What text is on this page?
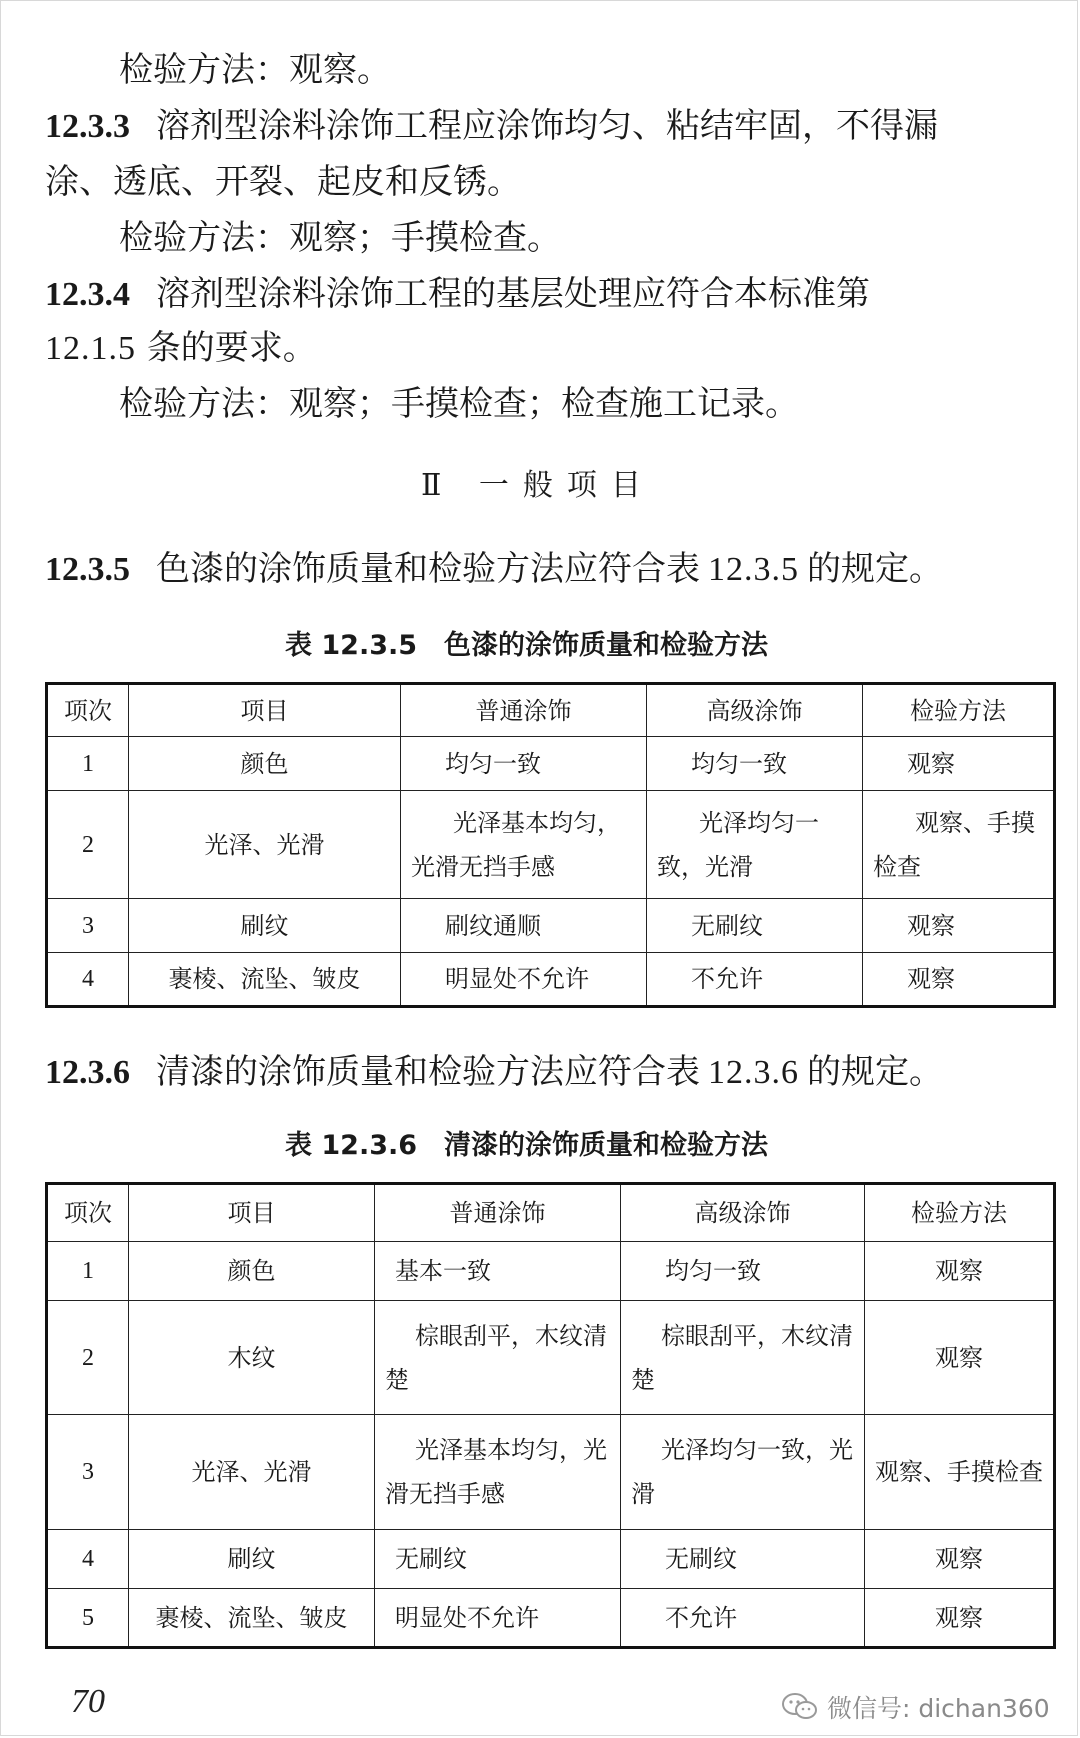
检验方法：观察。
12.3.3 溶剂型涂料涂饰工程应涂饰均匀、粘结牢固，不得漏
涂、透底、开裂、起皮和反锈。
检验方法：观察；手摸检查。
12.3.4 溶剂型涂料涂饰工程的基层处理应符合本标准第
12.1.5 条的要求。
检验方法：观察；手摸检查；检查施工记录。
Ⅱ 一般项目
12.3.5 色漆的涂饰质量和检验方法应符合表 12.3.5 的规定。
表 12.3.5　色漆的涂饰质量和检验方法
项次	项目	普通涂饰	高级涂饰	检验方法
1	颜色	均匀一致	均匀一致	观察
2	光泽、光滑	光泽基本均匀，光滑无挡手感	光泽均匀一致，光滑	观察、手摸检查
3	刷纹	刷纹通顺	无刷纹	观察
4	裹棱、流坠、皱皮	明显处不允许	不允许	观察
12.3.6 清漆的涂饰质量和检验方法应符合表 12.3.6 的规定。
表 12.3.6　清漆的涂饰质量和检验方法
项次	项目	普通涂饰	高级涂饰	检验方法
1	颜色	基本一致	均匀一致	观察
2	木纹	棕眼刮平，木纹清楚	棕眼刮平，木纹清楚	观察
3	光泽、光滑	光泽基本均匀，光滑无挡手感	光泽均匀一致，光滑	观察、手摸检查
4	刷纹	无刷纹	无刷纹	观察
5	裹棱、流坠、皱皮	明显处不允许	不允许	观察
70	微信号: dichan360
